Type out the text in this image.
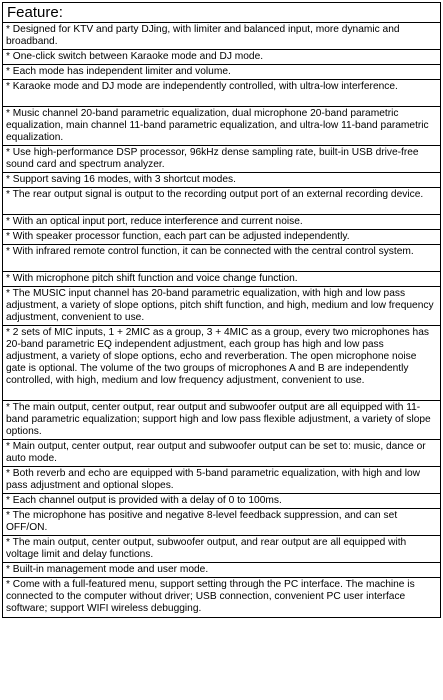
Feature:
* Designed for KTV and party DJing, with limiter and balanced input, more dynamic and broadband.
* One-click switch between Karaoke mode and DJ mode.
* Each mode has independent limiter and volume.
* Karaoke mode and DJ mode are independently controlled, with ultra-low interference.
* Music channel 20-band parametric equalization, dual microphone 20-band parametric equalization, main channel 11-band parametric equalization, and ultra-low 11-band parametric equalization.
* Use high-performance DSP processor, 96kHz dense sampling rate, built-in USB drive-free sound card and spectrum analyzer.
* Support saving 16 modes, with 3 shortcut modes.
* The rear output signal is output to the recording output port of an external recording device.
* With an optical input port, reduce interference and current noise.
* With speaker processor function, each part can be adjusted independently.
* With infrared remote control function, it can be connected with the central control system.
* With microphone pitch shift function and voice change function.
* The MUSIC input channel has 20-band parametric equalization, with high and low pass adjustment, a variety of slope options, pitch shift function, and high, medium and low frequency adjustment, convenient to use.
* 2 sets of MIC inputs, 1 + 2MIC as a group, 3 + 4MIC as a group, every two microphones has 20-band parametric EQ independent adjustment, each group has high and low pass adjustment, a variety of slope options, echo and reverberation. The open microphone noise gate is optional. The volume of the two groups of microphones A and B are independently controlled, with high, medium and low frequency adjustment, convenient to use.
* The main output, center output, rear output and subwoofer output are all equipped with 11-band parametric equalization; support high and low pass flexible adjustment, a variety of slope options.
* Main output, center output, rear output and subwoofer output can be set to: music, dance or auto mode.
* Both reverb and echo are equipped with 5-band parametric equalization, with high and low pass adjustment and optional slopes.
* Each channel output is provided with a delay of 0 to 100ms.
* The microphone has positive and negative 8-level feedback suppression, and can set OFF/ON.
* The main output, center output, subwoofer output, and rear output are all equipped with voltage limit and delay functions.
* Built-in management mode and user mode.
* Come with a full-featured menu, support setting through the PC interface. The machine is connected to the computer without driver; USB connection, convenient PC user interface software; support WIFI wireless debugging.
